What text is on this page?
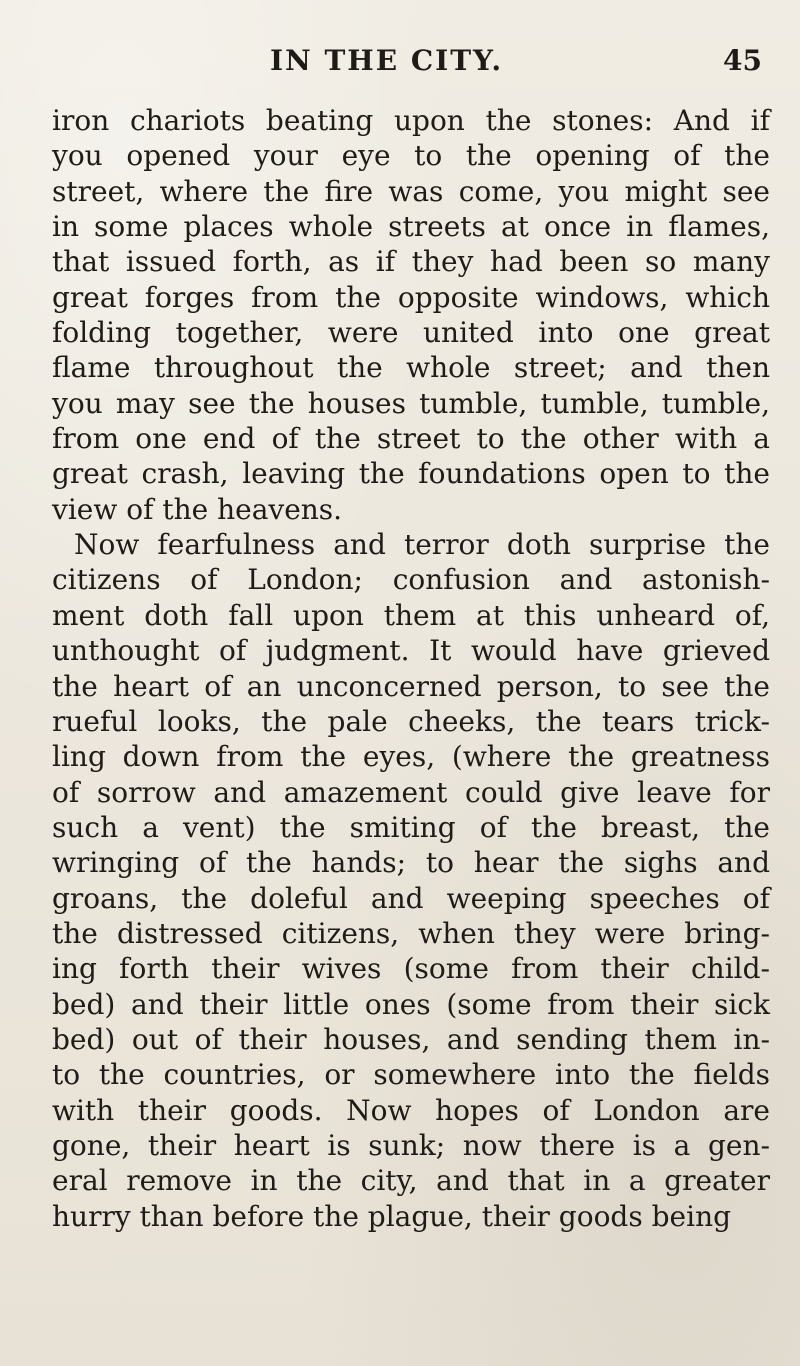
IN THE CITY.	45
iron chariots beating upon the stones: And if
you opened your eye to the opening of the
street, where the fire was come, you might see
in some places whole streets at once in flames,
that issued forth, as if they had been so many
great forges from the opposite windows, which
folding together, were united into one great
flame throughout the whole street; and then
you may see the houses tumble, tumble, tumble,
from one end of the street to the other with a
great crash, leaving the foundations open to the
view of the heavens.
Now fearfulness and terror doth surprise the
citizens of London; confusion and astonish-
ment doth fall upon them at this unheard of,
unthought of judgment. It would have grieved
the heart of an unconcerned person, to see the
rueful looks, the pale cheeks, the tears trick-
ling down from the eyes, (where the greatness
of sorrow and amazement could give leave for
such a vent) the smiting of the breast, the
wringing of the hands; to hear the sighs and
groans, the doleful and weeping speeches of
the distressed citizens, when they were bring-
ing forth their wives (some from their child-
bed) and their little ones (some from their sick
bed) out of their houses, and sending them in-
to the countries, or somewhere into the fields
with their goods. Now hopes of London are
gone, their heart is sunk; now there is a gen-
eral remove in the city, and that in a greater
hurry than before the plague, their goods being
